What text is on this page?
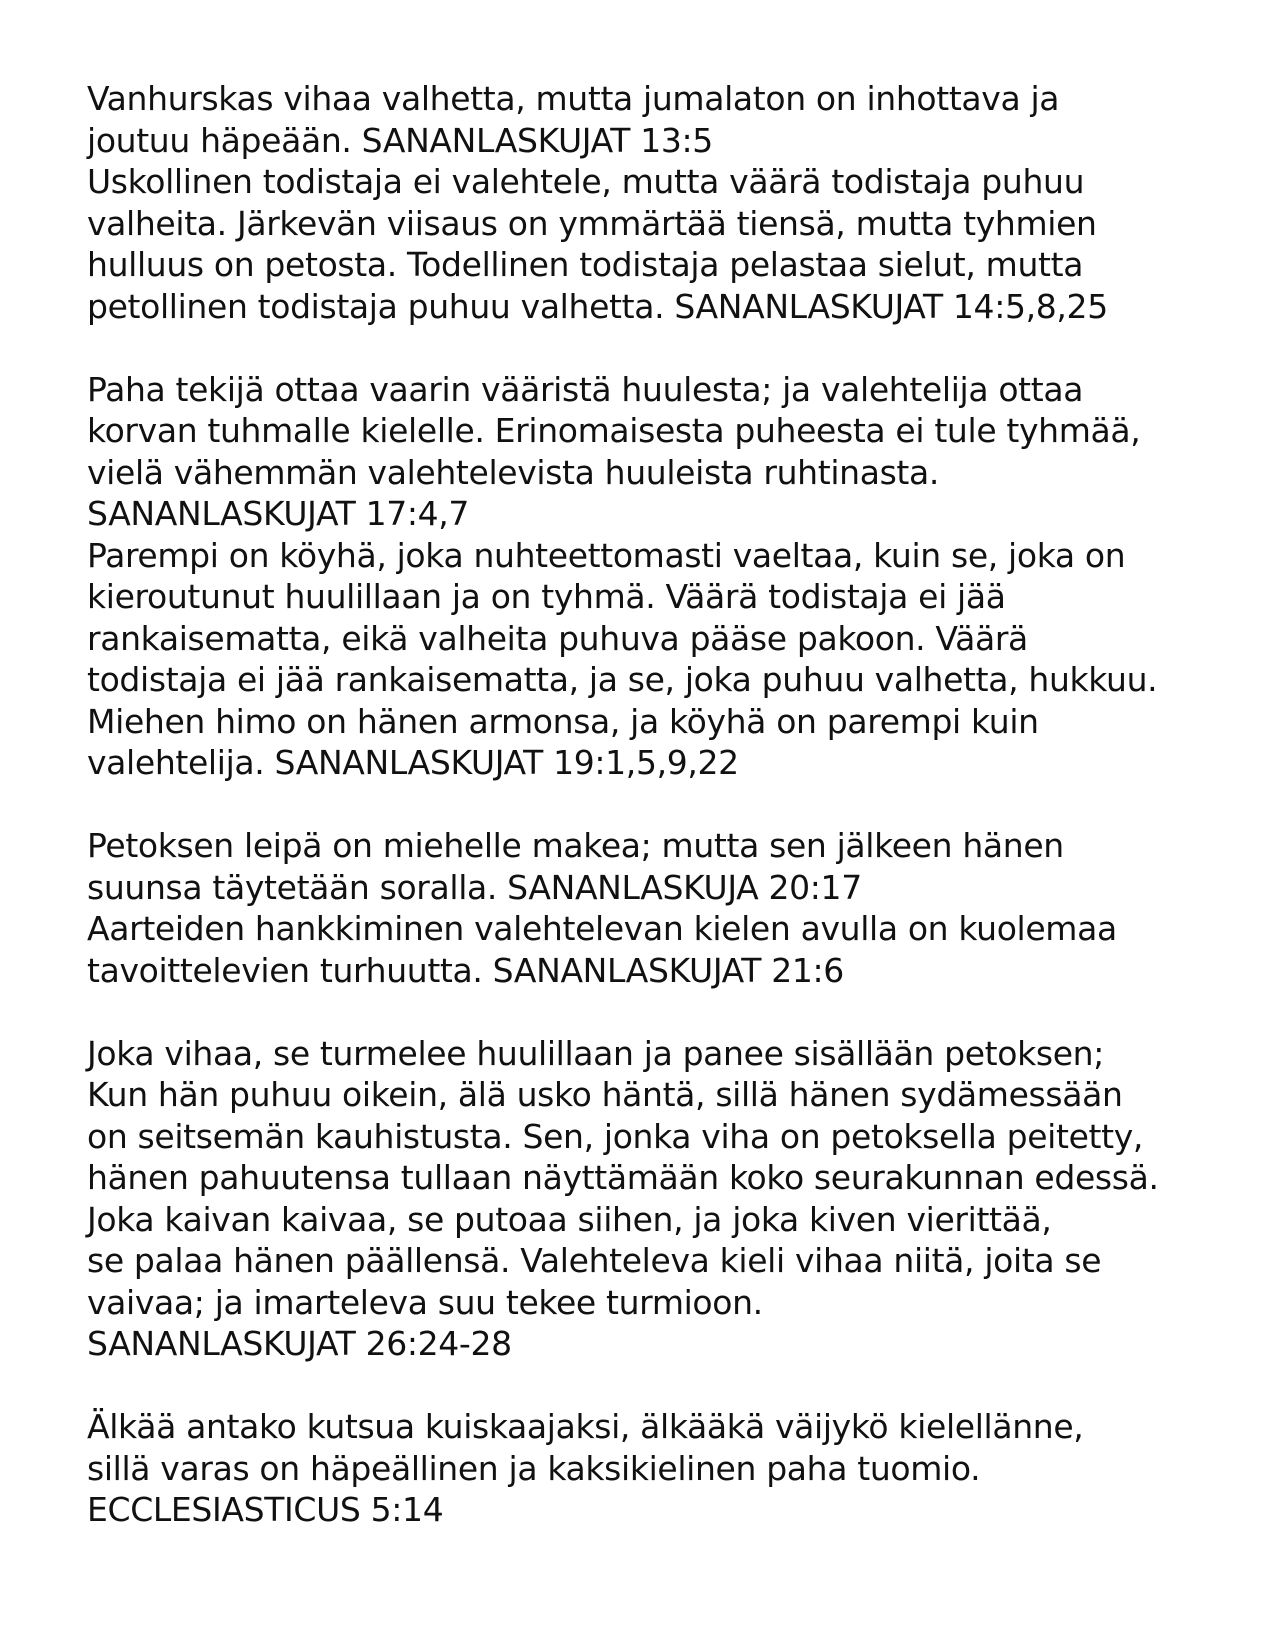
Vanhurskas vihaa valhetta, mutta jumalaton on inhottava ja
joutuu häpeään. SANANLASKUJAT 13:5
Uskollinen todistaja ei valehtele, mutta väärä todistaja puhuu
valheita. Järkevän viisaus on ymmärtää tiensä, mutta tyhmien
hulluus on petosta. Todellinen todistaja pelastaa sielut, mutta
petollinen todistaja puhuu valhetta. SANANLASKUJAT 14:5,8,25
Paha tekijä ottaa vaarin vääristä huulesta; ja valehtelija ottaa
korvan tuhmalle kielelle. Erinomaisesta puheesta ei tule tyhmää,
vielä vähemmän valehtelevista huuleista ruhtinasta.
SANANLASKUJAT 17:4,7
Parempi on köyhä, joka nuhteettomasti vaeltaa, kuin se, joka on
kieroutunut huulillaan ja on tyhmä. Väärä todistaja ei jää
rankaisematta, eikä valheita puhuva pääse pakoon. Väärä
todistaja ei jää rankaisematta, ja se, joka puhuu valhetta, hukkuu.
Miehen himo on hänen armonsa, ja köyhä on parempi kuin
valehtelija. SANANLASKUJAT 19:1,5,9,22
Petoksen leipä on miehelle makea; mutta sen jälkeen hänen
suunsa täytetään soralla. SANANLASKUJA 20:17
Aarteiden hankkiminen valehtelevan kielen avulla on kuolemaa
tavoittelevien turhuutta. SANANLASKUJAT 21:6
Joka vihaa, se turmelee huulillaan ja panee sisällään petoksen;
Kun hän puhuu oikein, älä usko häntä, sillä hänen sydämessään
on seitsemän kauhistusta. Sen, jonka viha on petoksella peitetty,
hänen pahuutensa tullaan näyttämään koko seurakunnan edessä.
Joka kaivan kaivaa, se putoaa siihen, ja joka kiven vierittää,
se palaa hänen päällensä. Valehteleva kieli vihaa niitä, joita se
vaivaa; ja imarteleva suu tekee turmioon.
SANANLASKUJAT 26:24-28
Älkää antako kutsua kuiskaajaksi, älkääkä väijykö kielellänne,
sillä varas on häpeällinen ja kaksikielinen paha tuomio.
ECCLESIASTICUS 5:14
